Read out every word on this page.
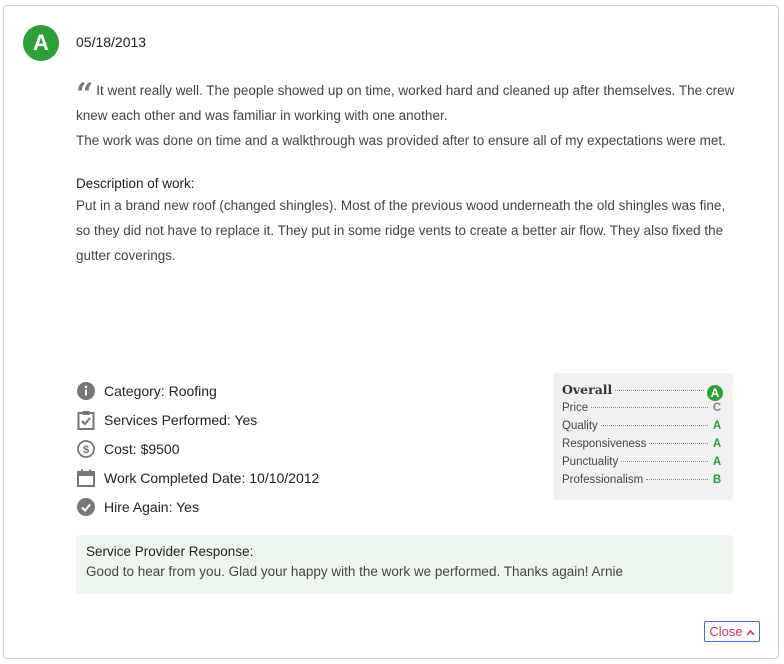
A	05/18/2013

“ It went really well. The people showed up on time, worked hard and cleaned up after themselves. The crew knew each other and was familiar in working with one another.

The work was done on time and a walkthrough was provided after to ensure all of my expectations were met.

Description of work:

Put in a brand new roof (changed shingles). Most of the previous wood underneath the old shingles was fine, so they did not have to replace it. They put in some ridge vents to create a better air flow. They also fixed the gutter coverings.

Category: Roofing
Services Performed: Yes
$ Cost: $9500
Work Completed Date: 10/10/2012
Hire Again: Yes
Overall	A
Price	C
Quality	A
Responsiveness	A
Punctuality	A
Professionalism	B
Service Provider Response:
Good to hear from you. Glad your happy with the work we performed. Thanks again! Arnie
Close
